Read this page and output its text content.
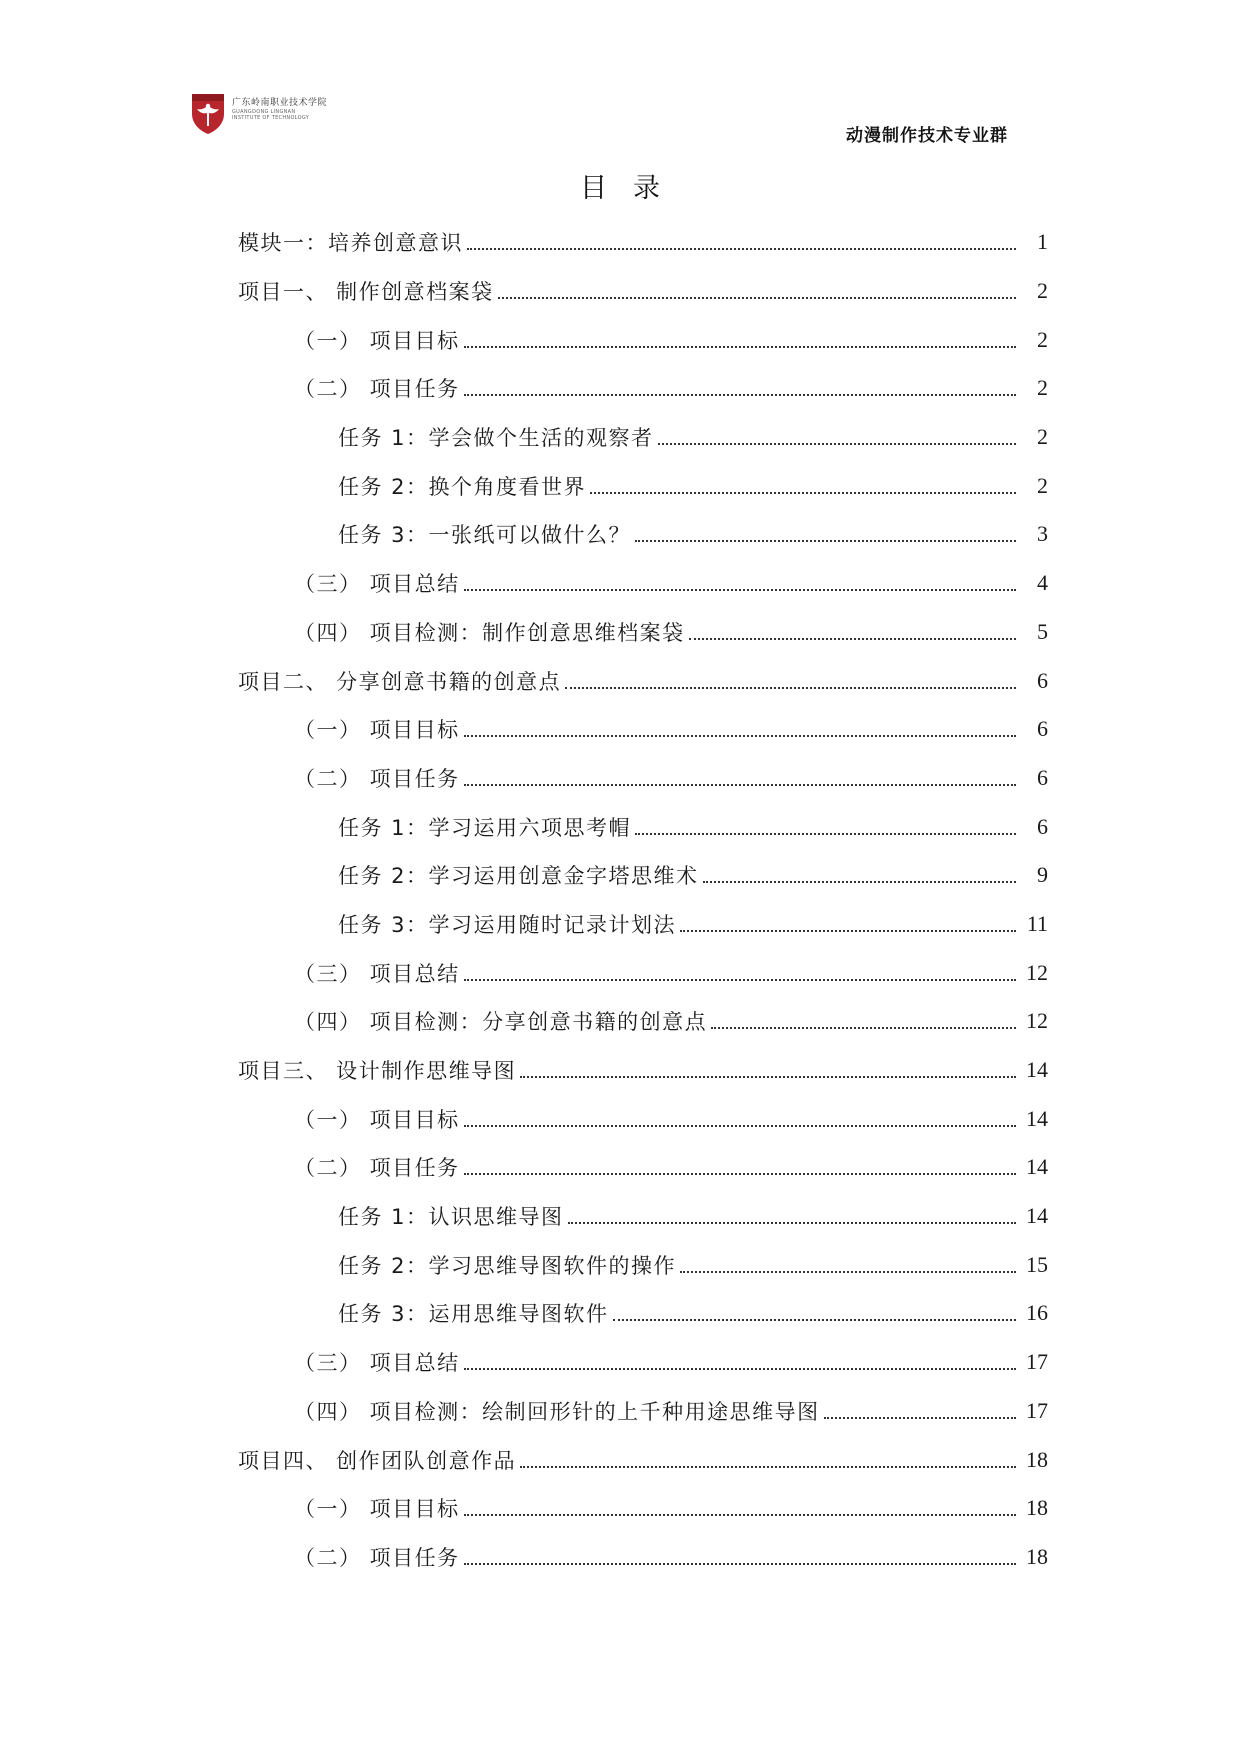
广东岭南职业技术学院
GUANGDONG LINGNAN
INSTITUTE OF TECHNOLOGY
动漫制作技术专业群
目录
模块一：培养创意意识	1
项目一、 制作创意档案袋	2
（一） 项目目标	2
（二） 项目任务	2
任务 1：学会做个生活的观察者	2
任务 2：换个角度看世界	2
任务 3：一张纸可以做什么？	3
（三） 项目总结	4
（四） 项目检测：制作创意思维档案袋	5
项目二、 分享创意书籍的创意点	6
（一） 项目目标	6
（二） 项目任务	6
任务 1：学习运用六项思考帽	6
任务 2：学习运用创意金字塔思维术	9
任务 3：学习运用随时记录计划法	11
（三） 项目总结	12
（四） 项目检测：分享创意书籍的创意点	12
项目三、 设计制作思维导图	14
（一） 项目目标	14
（二） 项目任务	14
任务 1：认识思维导图	14
任务 2：学习思维导图软件的操作	15
任务 3：运用思维导图软件	16
（三） 项目总结	17
（四） 项目检测：绘制回形针的上千种用途思维导图	17
项目四、 创作团队创意作品	18
（一） 项目目标	18
（二） 项目任务	18
